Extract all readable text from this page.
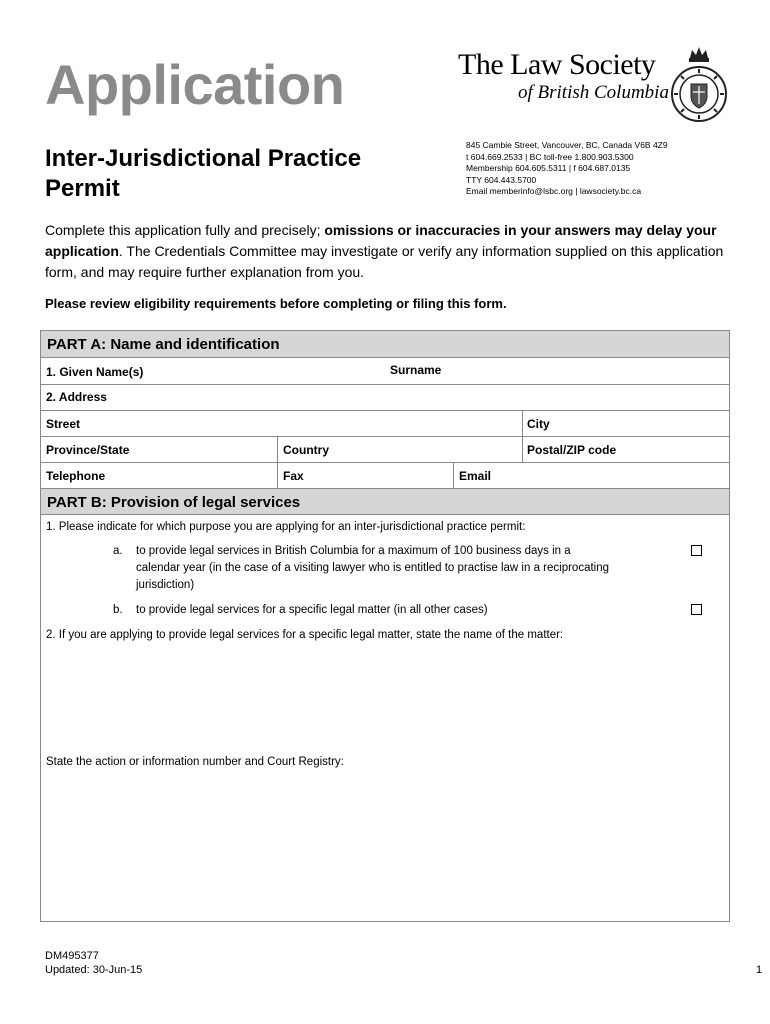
Application
Inter-Jurisdictional Practice Permit
The Law Society
of British Columbia
845 Cambie Street, Vancouver, BC, Canada V6B 4Z9
t 604.669.2533 | BC toll-free 1.800.903.5300
Membership 604.605.5311 | f 604.687.0135
TTY 604.443.5700
Email memberinfo@lsbc.org | lawsociety.bc.ca
Complete this application fully and precisely; omissions or inaccuracies in your answers may delay your application. The Credentials Committee may investigate or verify any information supplied on this application form, and may require further explanation from you.
Please review eligibility requirements before completing or filing this form.
PART A: Name and identification
1. Given Name(s)	Surname
2. Address
Street	City
Province/State	Country	Postal/ZIP code
Telephone	Fax	Email
PART B: Provision of legal services
1. Please indicate for which purpose you are applying for an inter-jurisdictional practice permit:
a. to provide legal services in British Columbia for a maximum of 100 business days in a
calendar year (in the case of a visiting lawyer who is entitled to practise law in a reciprocating
jurisdiction)
b. to provide legal services for a specific legal matter (in all other cases)
2. If you are applying to provide legal services for a specific legal matter, state the name of the matter:
State the action or information number and Court Registry:
DM495377
Updated: 30-Jun-15	1
